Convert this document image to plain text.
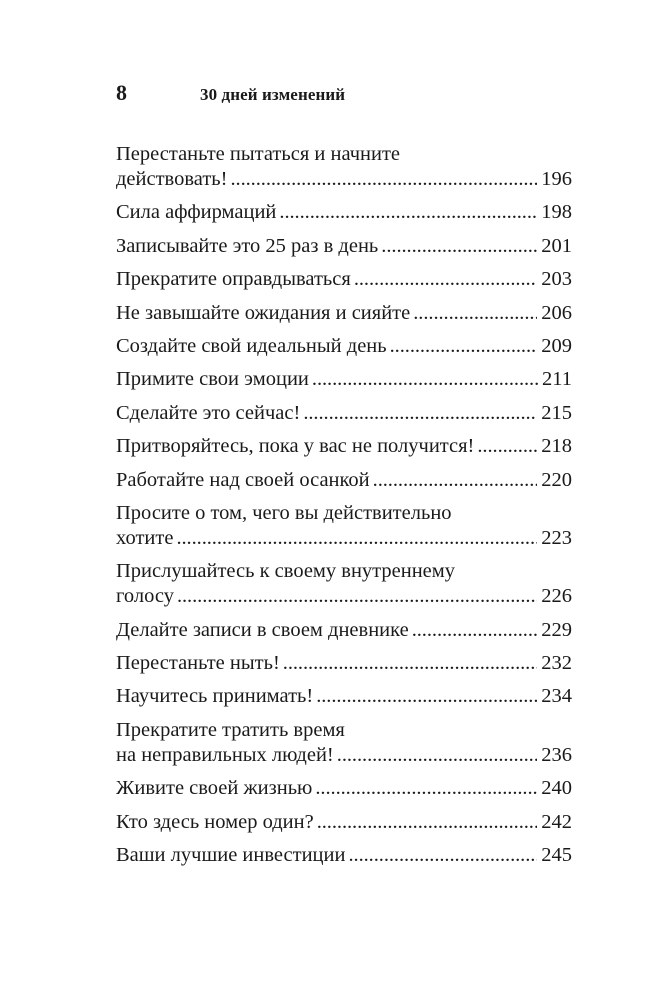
8	30 дней изменений
Перестаньте пытаться и начните
действовать! . . .	196
Сила аффирмаций . . .	198
Записывайте это 25 раз в день . . .	201
Прекратите оправдываться . . .	203
Не завышайте ожидания и сияйте . . .	206
Создайте свой идеальный день . . .	209
Примите свои эмоции . . .	211
Сделайте это сейчас! . . .	215
Притворяйтесь, пока у вас не получится! . . .	218
Работайте над своей осанкой . . .	220
Просите о том, чего вы действительно
хотите . . .	223
Прислушайтесь к своему внутреннему
голосу . . .	226
Делайте записи в своем дневнике . . .	229
Перестаньте ныть! . . .	232
Научитесь принимать! . . .	234
Прекратите тратить время
на неправильных людей! . . .	236
Живите своей жизнью . . .	240
Кто здесь номер один? . . .	242
Ваши лучшие инвестиции . . .	245
